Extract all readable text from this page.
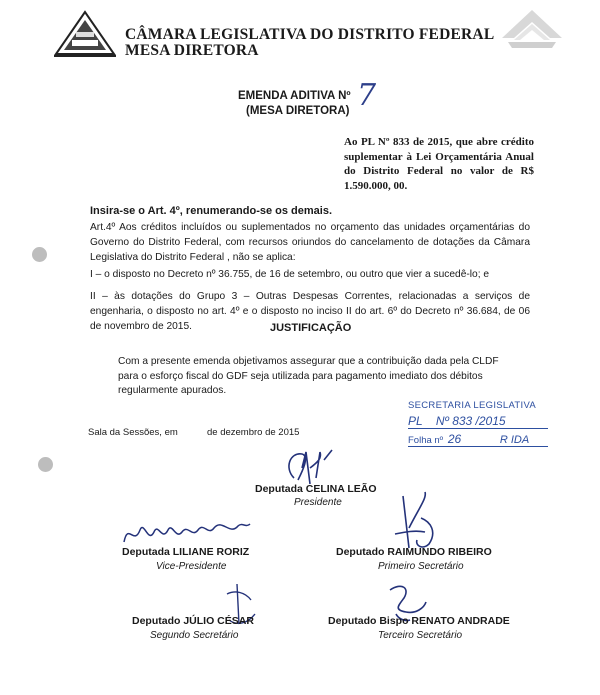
CÂMARA LEGISLATIVA DO DISTRITO FEDERAL
MESA DIRETORA
EMENDA ADITIVA Nº 7
(MESA DIRETORA)
Ao PL Nº 833 de 2015, que abre crédito suplementar à Lei Orçamentária Anual do Distrito Federal no valor de R$ 1.590.000, 00.
Insira-se o Art. 4º, renumerando-se os demais.
Art.4º Aos créditos incluídos ou suplementados no orçamento das unidades orçamentárias do Governo do Distrito Federal, com recursos oriundos do cancelamento de dotações da Câmara Legislativa do Distrito Federal , não se aplica:
I – o disposto no Decreto nº 36.755, de 16 de setembro, ou outro que vier a sucedê-lo; e
II – às dotações do Grupo 3 – Outras Despesas Correntes, relacionadas a serviços de engenharia, o disposto no art. 4º e o disposto no inciso II do art. 6º do Decreto nº 36.684, de 06 de novembro de 2015.	JUSTIFICAÇÃO
Com a presente emenda objetivamos assegurar que a contribuição dada pela CLDF para o esforço fiscal do GDF seja utilizada para pagamento imediato dos débitos regularmente apurados.
Sala da Sessões, em	de dezembro de 2015
SECRETARIA LEGISLATIVA
PL Nº 833 /2015
Folha nº 26	R IDA
Deputada CELINA LEÃO
Presidente
Deputada LILIANE RORIZ
Vice-Presidente
Deputado RAIMUNDO RIBEIRO
Primeiro Secretário
Deputado JÚLIO CÉSAR
Segundo Secretário
Deputado Bispo RENATO ANDRADE
Terceiro Secretário
